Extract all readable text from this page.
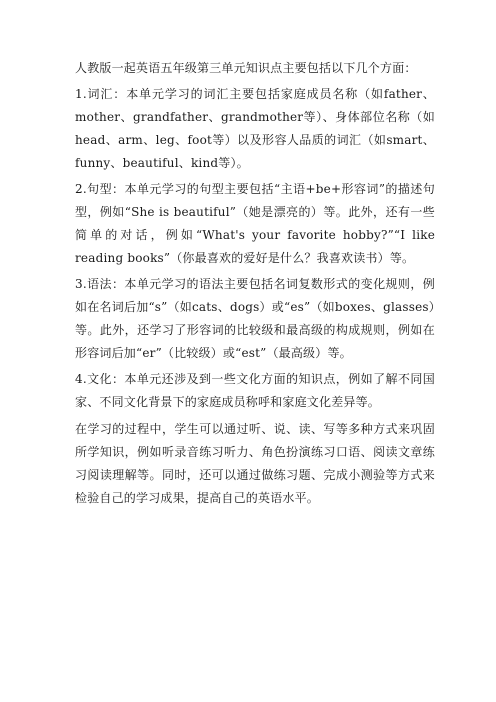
人教版一起英语五年级第三单元知识点主要包括以下几个方面：

1.词汇：本单元学习的词汇主要包括家庭成员名称（如father、mother、grandfather、grandmother等）、身体部位名称（如head、arm、leg、foot等）以及形容人品质的词汇（如smart、funny、beautiful、kind等）。

2.句型：本单元学习的句型主要包括“主语+be+形容词”的描述句型，例如“She is beautiful”（她是漂亮的）等。此外，还有一些简单的对话，例如“What's your favorite hobby?”“I like reading books”（你最喜欢的爱好是什么？我喜欢读书）等。

3.语法：本单元学习的语法主要包括名词复数形式的变化规则，例如在名词后加“s”（如cats、dogs）或“es”（如boxes、glasses）等。此外，还学习了形容词的比较级和最高级的构成规则，例如在形容词后加“er”（比较级）或“est”（最高级）等。

4.文化：本单元还涉及到一些文化方面的知识点，例如了解不同国家、不同文化背景下的家庭成员称呼和家庭文化差异等。

在学习的过程中，学生可以通过听、说、读、写等多种方式来巩固所学知识，例如听录音练习听力、角色扮演练习口语、阅读文章练习阅读理解等。同时，还可以通过做练习题、完成小测验等方式来检验自己的学习成果，提高自己的英语水平。
